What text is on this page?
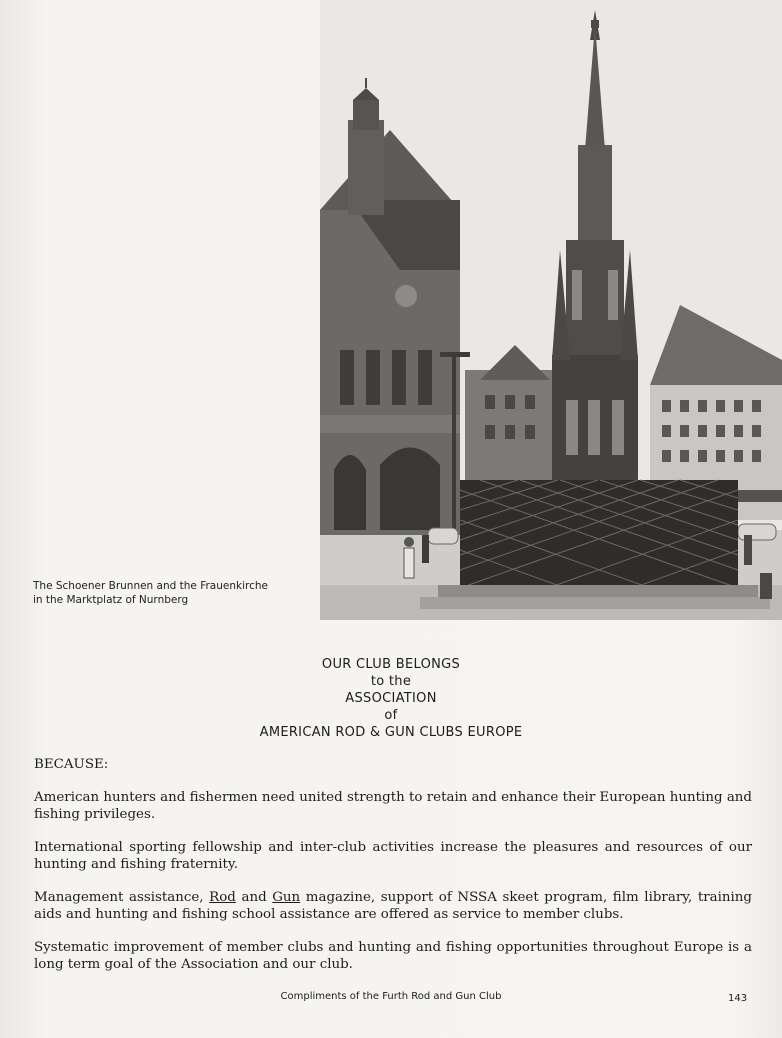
The Schoener Brunnen and the Frauenkirche
in the Marktplatz of Nurnberg
OUR CLUB BELONGS
to the
ASSOCIATION
of
AMERICAN ROD & GUN CLUBS EUROPE
BECAUSE:
American hunters and fishermen need united strength to retain and enhance their European hunting and fishing privileges.
International sporting fellowship and inter-club activities increase the pleasures and resources of our hunting and fishing fraternity.
Management assistance, Rod and Gun magazine, support of NSSA skeet program, film library, training aids and hunting and fishing school assistance are offered as service to member clubs.
Systematic improvement of member clubs and hunting and fishing opportunities throughout Europe is a long term goal of the Association and our club.
Compliments of the Furth Rod and Gun Club	143
